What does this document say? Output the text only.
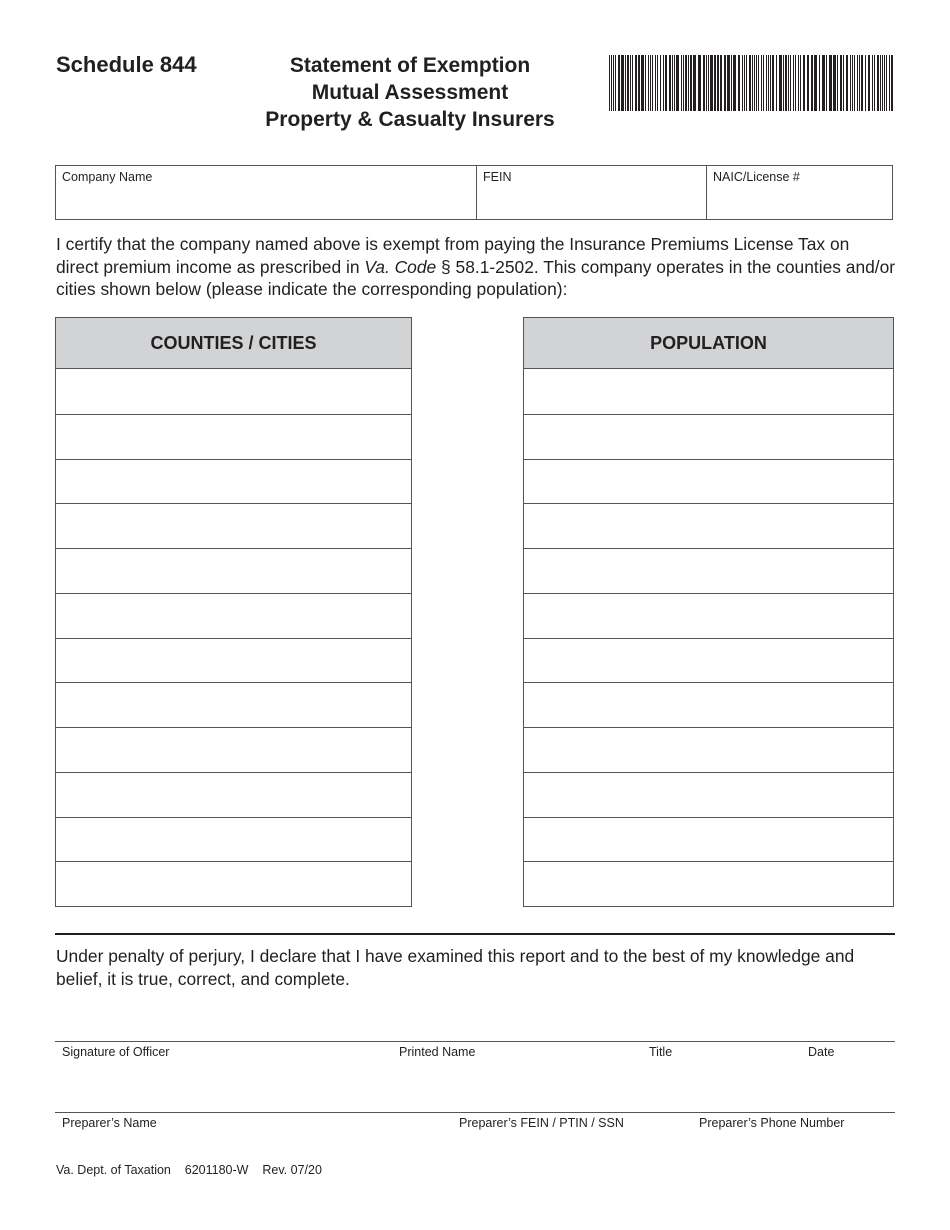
Schedule 844	Statement of Exemption
Mutual Assessment
Property & Casualty Insurers
Company Name	FEIN	NAIC/License #
I certify that the company named above is exempt from paying the Insurance Premiums License Tax on direct premium income as prescribed in Va. Code § 58.1-2502. This company operates in the counties and/or cities shown below (please indicate the corresponding population):
COUNTIES / CITIES	POPULATION
Under penalty of perjury, I declare that I have examined this report and to the best of my knowledge and belief, it is true, correct, and complete.
Signature of Officer	Printed Name	Title	Date
Preparer’s Name	Preparer’s FEIN / PTIN / SSN	Preparer’s Phone Number
Va. Dept. of Taxation    6201180-W    Rev. 07/20
